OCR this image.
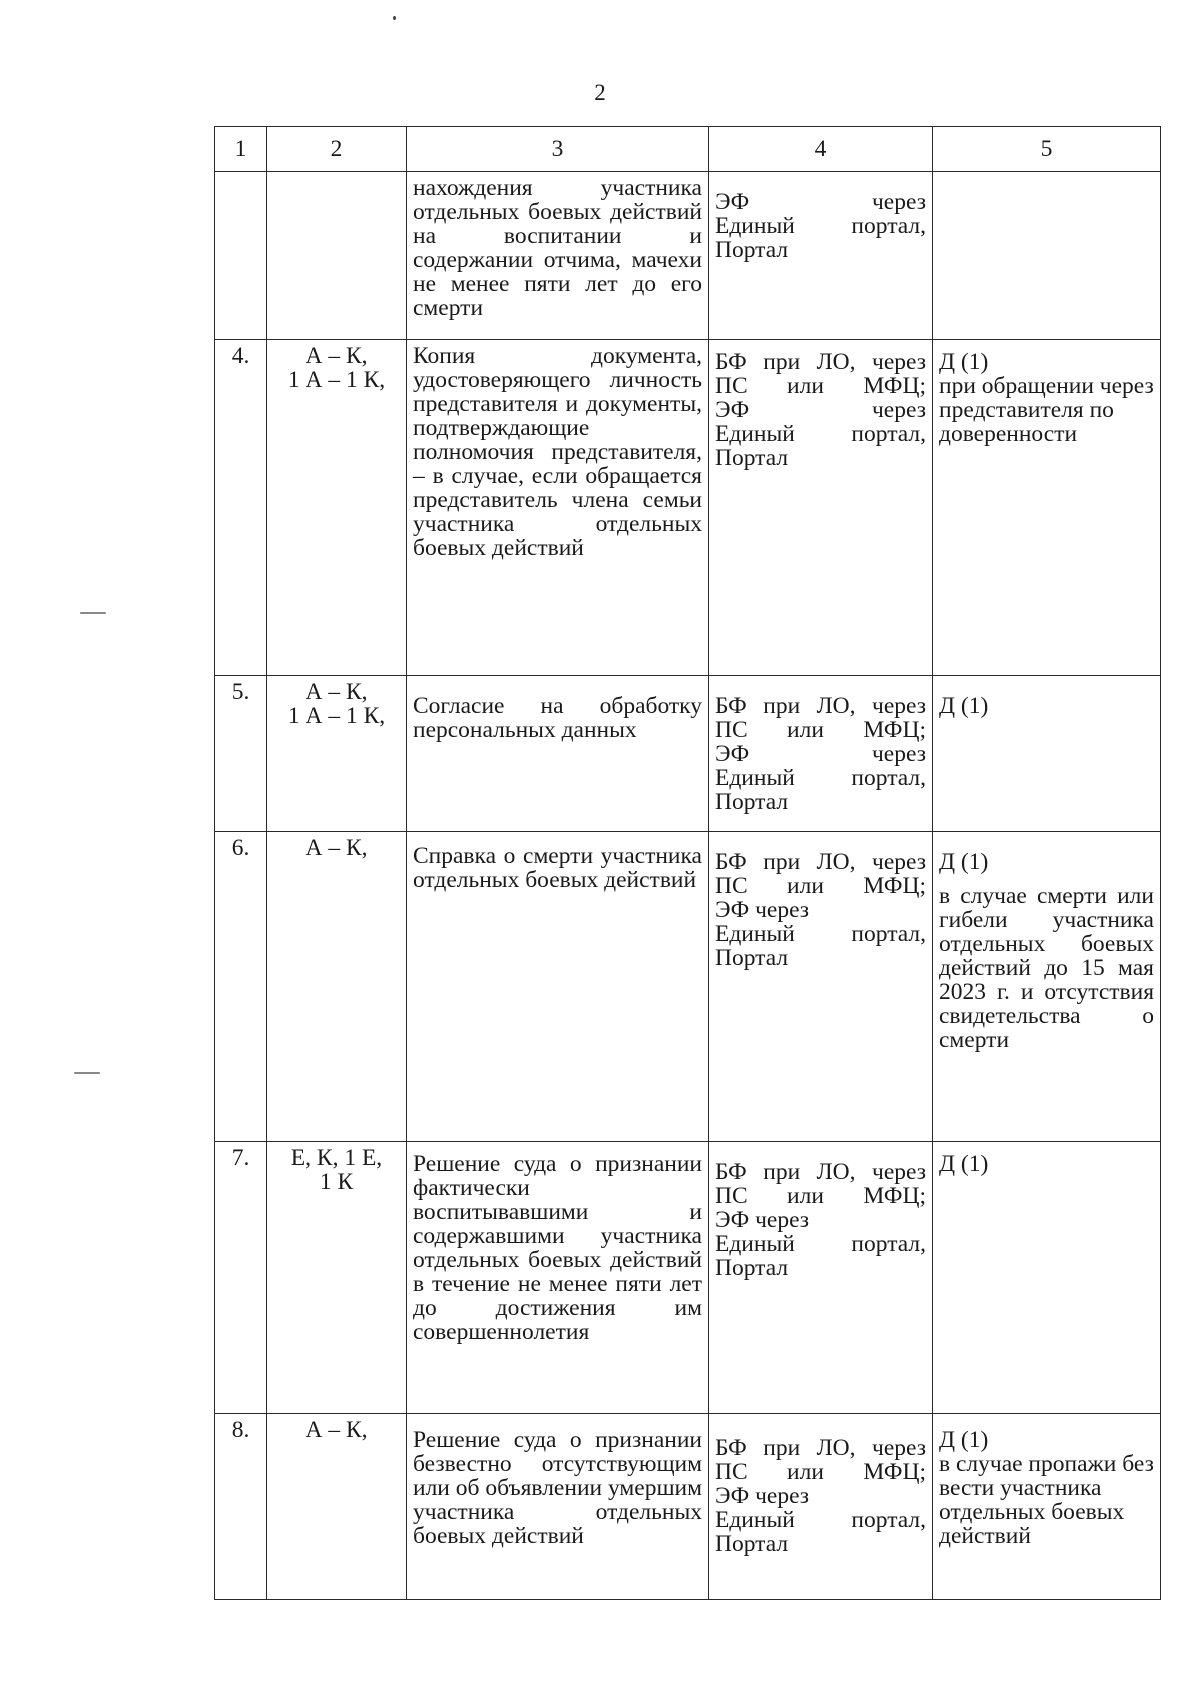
2
1	2	3	4	5
		нахождения участника отдельных боевых действий на воспитании и содержании отчима, мачехи не менее пяти лет до его смерти	ЭФ через
Единый портал,
Портал	

4.	А – К,
1 А – 1 К,	Копия документа, удостоверяющего личность представителя и документы, подтверждающие полномочия представителя, – в случае, если обращается представитель члена семьи участника отдельных боевых действий	БФ при ЛО, через
ПС или МФЦ;
ЭФ через
Единый портал,
Портал	Д (1)
при обращении через представителя по доверенности

5.	А – К,
1 А – 1 К,	Согласие на обработку персональных данных	БФ при ЛО, через
ПС или МФЦ;
ЭФ через
Единый портал,
Портал	Д (1)

6.	А – К,	Справка о смерти участника отдельных боевых действий	БФ при ЛО, через
ПС или МФЦ;
ЭФ через
Единый портал,
Портал	Д (1)
в случае смерти или гибели участника отдельных боевых действий до 15 мая 2023 г. и отсутствия свидетельства о смерти

7.	Е, К, 1 Е,
1 К	Решение суда о признании фактически воспитывавшими и содержавшими участника отдельных боевых действий в течение не менее пяти лет до достижения им совершеннолетия	БФ при ЛО, через
ПС или МФЦ;
ЭФ через
Единый портал,
Портал	Д (1)

8.	А – К,	Решение суда о признании безвестно отсутствующим или об объявлении умершим участника отдельных боевых действий	БФ при ЛО, через
ПС или МФЦ;
ЭФ через
Единый портал,
Портал	Д (1)
в случае пропажи без вести участника отдельных боевых действий
